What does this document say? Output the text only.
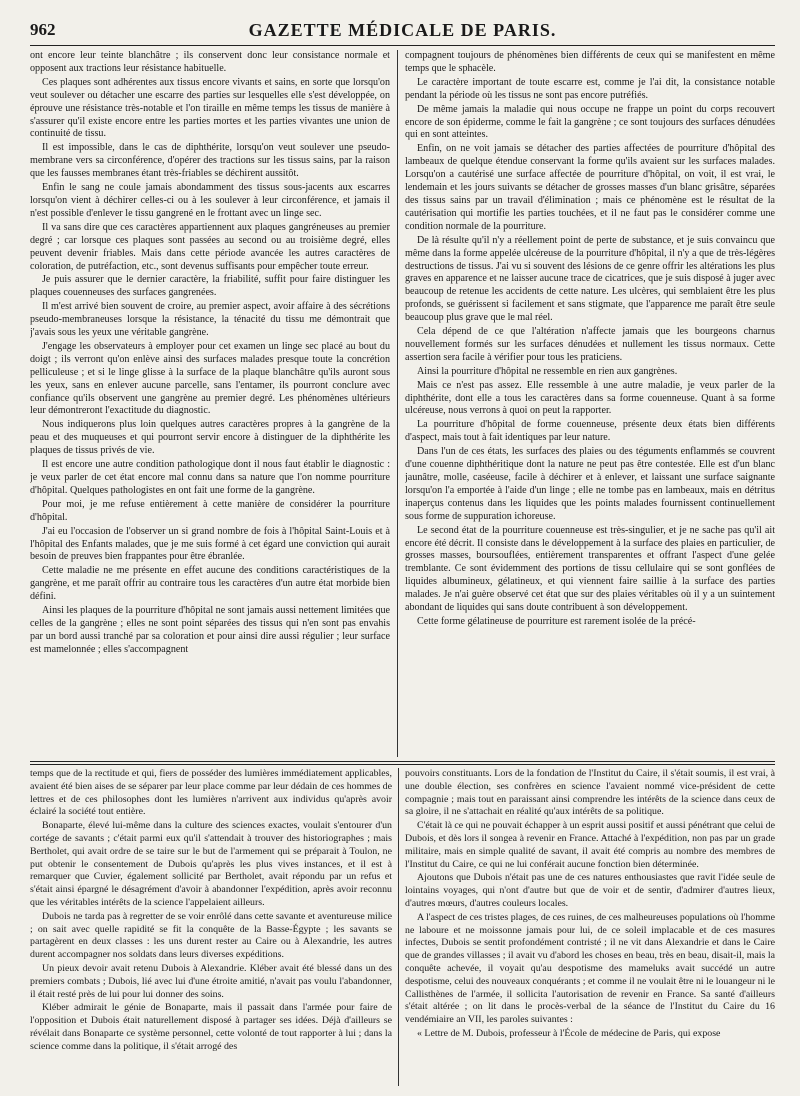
962	GAZETTE MÉDICALE DE PARIS.

ont encore leur teinte blanchâtre ; ils conservent donc leur consistance normale et opposent aux tractions leur résistance habituelle.

Ces plaques sont adhérentes aux tissus encore vivants et sains, en sorte que lorsqu'on veut soulever ou détacher une escarre des parties sur lesquelles elle s'est développée, on éprouve une résistance très-notable et l'on tiraille en même temps les tissus de manière à s'assurer qu'il existe encore entre les parties mortes et les parties vivantes une union de continuité de tissu.

Il est impossible, dans le cas de diphthérite, lorsqu'on veut soulever une pseudo-membrane vers sa circonférence, d'opérer des tractions sur les tissus sains, par la raison que les fausses membranes étant très-friables se déchirent aussitôt.

Enfin le sang ne coule jamais abondamment des tissus sous-jacents aux escarres lorsqu'on vient à déchirer celles-ci ou à les soulever à leur circonférence, et jamais il n'est possible d'enlever le tissu gangrené en le frottant avec un linge sec.

Il va sans dire que ces caractères appartiennent aux plaques gangréneuses au premier degré ; car lorsque ces plaques sont passées au second ou au troisième degré, elles peuvent devenir friables. Mais dans cette période avancée les autres caractères de coloration, de putréfaction, etc., sont devenus suffisants pour empêcher toute erreur.

Je puis assurer que le dernier caractère, la friabilité, suffit pour faire distinguer les plaques couenneuses des surfaces gangrenées.

Il m'est arrivé bien souvent de croire, au premier aspect, avoir affaire à des sécrétions pseudo-membraneuses lorsque la résistance, la ténacité du tissu me démontrait que j'avais sous les yeux une véritable gangrène.

J'engage les observateurs à employer pour cet examen un linge sec placé au bout du doigt ; ils verront qu'on enlève ainsi des surfaces malades presque toute la concrétion pelliculeuse ; et si le linge glisse à la surface de la plaque blanchâtre qu'ils auront sous les yeux, sans en enlever aucune parcelle, sans l'entamer, ils pourront conclure avec confiance qu'ils observent une gangrène au premier degré. Les phénomènes ultérieurs leur démontreront l'exactitude du diagnostic.

Nous indiquerons plus loin quelques autres caractères propres à la gangrène de la peau et des muqueuses et qui pourront servir encore à distinguer de la diphthérite les plaques de tissus privés de vie.

Il est encore une autre condition pathologique dont il nous faut établir le diagnostic : je veux parler de cet état encore mal connu dans sa nature que l'on nomme pourriture d'hôpital. Quelques pathologistes en ont fait une forme de la gangrène.

Pour moi, je me refuse entièrement à cette manière de considérer la pourriture d'hôpital.

J'ai eu l'occasion de l'observer un si grand nombre de fois à l'hôpital Saint-Louis et à l'hôpital des Enfants malades, que je me suis formé à cet égard une conviction qui aurait besoin de preuves bien frappantes pour être ébranlée.

Cette maladie ne me présente en effet aucune des conditions caractéristiques de la gangrène, et me paraît offrir au contraire tous les caractères d'un autre état morbide bien défini.

Ainsi les plaques de la pourriture d'hôpital ne sont jamais aussi nettement limitées que celles de la gangrène ; elles ne sont point séparées des tissus qui n'en sont pas envahis par un bord aussi tranché par sa coloration et pour ainsi dire aussi régulier ; leur surface est mamelonnée ; elles s'accompagnent

compagnent toujours de phénomènes bien différents de ceux qui se manifestent en même temps que le sphacèle.

Le caractère important de toute escarre est, comme je l'ai dit, la consistance notable pendant la période où les tissus ne sont pas encore putréfiés.

De même jamais la maladie qui nous occupe ne frappe un point du corps recouvert encore de son épiderme, comme le fait la gangrène ; ce sont toujours des surfaces dénudées qui en sont atteintes.

Enfin, on ne voit jamais se détacher des parties affectées de pourriture d'hôpital des lambeaux de quelque étendue conservant la forme qu'ils avaient sur les surfaces malades. Lorsqu'on a cautérisé une surface affectée de pourriture d'hôpital, on voit, il est vrai, le lendemain et les jours suivants se détacher de grosses masses d'un blanc grisâtre, séparées des tissus sains par un travail d'élimination ; mais ce phénomène est le résultat de la cautérisation qui mortifie les parties touchées, et il ne faut pas le considérer comme une condition normale de la pourriture.

De là résulte qu'il n'y a réellement point de perte de substance, et je suis convaincu que même dans la forme appelée ulcéreuse de la pourriture d'hôpital, il n'y a que de très-légères destructions de tissus. J'ai vu si souvent des lésions de ce genre offrir les altérations les plus graves en apparence et ne laisser aucune trace de cicatrices, que je suis disposé à juger avec beaucoup de retenue les accidents de cette nature. Les ulcères, qui semblaient être les plus profonds, se guérissent si facilement et sans stigmate, que l'apparence me paraît être seule beaucoup plus grave que le mal réel.

Cela dépend de ce que l'altération n'affecte jamais que les bourgeons charnus nouvellement formés sur les surfaces dénudées et nullement les tissus normaux. Cette assertion sera facile à vérifier pour tous les praticiens.

Ainsi la pourriture d'hôpital ne ressemble en rien aux gangrènes.

Mais ce n'est pas assez. Elle ressemble à une autre maladie, je veux parler de la diphthérite, dont elle a tous les caractères dans sa forme couenneuse. Quant à sa forme ulcéreuse, nous verrons à quoi on peut la rapporter.

La pourriture d'hôpital de forme couenneuse, présente deux états bien différents d'aspect, mais tout à fait identiques par leur nature.

Dans l'un de ces états, les surfaces des plaies ou des téguments enflammés se couvrent d'une couenne diphthéritique dont la nature ne peut pas être contestée. Elle est d'un blanc jaunâtre, molle, caséeuse, facile à déchirer et à enlever, et laissant une surface saignante lorsqu'on l'a emportée à l'aide d'un linge ; elle ne tombe pas en lambeaux, mais en détritus inaperçus contenus dans les liquides que les points malades fournissent continuellement sous forme de suppuration ichoreuse.

Le second état de la pourriture couenneuse est très-singulier, et je ne sache pas qu'il ait encore été décrit. Il consiste dans le développement à la surface des plaies en particulier, de grosses masses, boursouflées, entièrement transparentes et offrant l'aspect d'une gelée tremblante. Ce sont évidemment des portions de tissu cellulaire qui se sont gonflées de liquides albumineux, gélatineux, et qui viennent faire saillie à la surface des parties malades. Je n'ai guère observé cet état que sur des plaies véritables où il y a un suintement abondant de liquides qui sans doute contribuent à son développement.

Cette forme gélatineuse de pourriture est rarement isolée de la précé-

temps que de la rectitude et qui, fiers de posséder des lumières immédiatement applicables, avaient été bien aises de se séparer par leur place comme par leur dédain de ces hommes de lettres et de ces philosophes dont les lumières n'arrivent aux individus qu'après avoir éclairé la société tout entière.

Bonaparte, élevé lui-même dans la culture des sciences exactes, voulait s'entourer d'un cortége de savants ; c'était parmi eux qu'il s'attendait à trouver des historiographes ; mais Bertholet, qui avait ordre de se taire sur le but de l'armement qui se préparait à Toulon, ne put obtenir le consentement de Dubois qu'après les plus vives instances, et il est à remarquer que Cuvier, également sollicité par Bertholet, avait répondu par un refus et s'était ainsi épargné le désagrément d'avoir à abandonner l'expédition, après avoir reconnu que les véritables intérêts de la science l'appelaient ailleurs.

Dubois ne tarda pas à regretter de se voir enrôlé dans cette savante et aventureuse milice ; on sait avec quelle rapidité se fit la conquête de la Basse-Égypte ; les savants se partagèrent en deux classes : les uns durent rester au Caire ou à Alexandrie, les autres durent accompagner nos soldats dans leurs diverses expéditions.

Un pieux devoir avait retenu Dubois à Alexandrie. Kléber avait été blessé dans un des premiers combats ; Dubois, lié avec lui d'une étroite amitié, n'avait pas voulu l'abandonner, il était resté près de lui pour lui donner des soins.

Kléber admirait le génie de Bonaparte, mais il passait dans l'armée pour faire de l'opposition et Dubois était naturellement disposé à partager ses idées. Déjà d'ailleurs se révélait dans Bonaparte ce système personnel, cette volonté de tout rapporter à lui ; dans la science comme dans la politique, il s'était arrogé des

pouvoirs constituants. Lors de la fondation de l'Institut du Caire, il s'était soumis, il est vrai, à une double élection, ses confrères en science l'avaient nommé vice-président de cette compagnie ; mais tout en paraissant ainsi comprendre les intérêts de la science dans ceux de sa gloire, il ne s'attachait en réalité qu'aux intérêts de sa politique.

C'était là ce qui ne pouvait échapper à un esprit aussi positif et aussi pénétrant que celui de Dubois, et dès lors il songea à revenir en France. Attaché à l'expédition, non pas par un grade militaire, mais en simple qualité de savant, il avait été compris au nombre des membres de l'Institut du Caire, ce qui ne lui conférait aucune fonction bien déterminée.

Ajoutons que Dubois n'était pas une de ces natures enthousiastes que ravit l'idée seule de lointains voyages, qui n'ont d'autre but que de voir et de sentir, d'admirer d'autres lieux, d'autres mœurs, d'autres couleurs locales.

A l'aspect de ces tristes plages, de ces ruines, de ces malheureuses populations où l'homme ne laboure et ne moissonne jamais pour lui, de ce soleil implacable et de ces masures infectes, Dubois se sentit profondément contristé ; il ne vit dans Alexandrie et dans le Caire que de grandes villasses ; il avait vu d'abord les choses en beau, très en beau, disait-il, mais la conquête achevée, il voyait qu'au despotisme des mameluks avait succédé un autre despotisme, celui des nouveaux conquérants ; et comme il ne voulait être ni le louangeur ni le Callisthènes de l'armée, il sollicita l'autorisation de revenir en France. Sa santé d'ailleurs s'était altérée ; on lit dans le procès-verbal de la séance de l'Institut du Caire du 16 vendémiaire an VII, les paroles suivantes :

« Lettre de M. Dubois, professeur à l'École de médecine de Paris, qui expose
